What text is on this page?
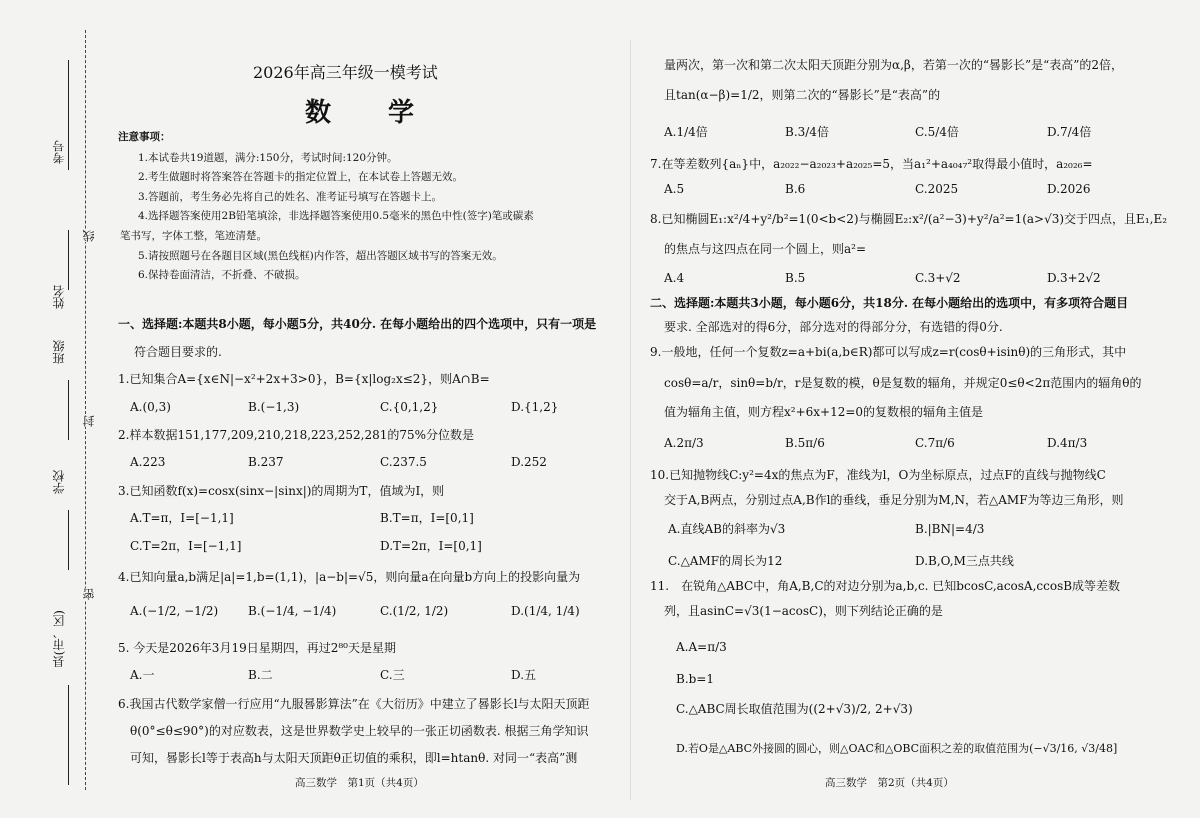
考号
姓名
班级
学校
县(市、区)
线
封
密
2026年高三年级一模考试
数 学
注意事项：
1.本试卷共19道题，满分:150分，考试时间:120分钟。
2.考生做题时将答案答在答题卡的指定位置上，在本试卷上答题无效。
3.答题前，考生务必先将自己的姓名、准考证号填写在答题卡上。
4.选择题答案使用2B铅笔填涂，非选择题答案使用0.5毫米的黑色中性(签字)笔或碳素
笔书写，字体工整，笔迹清楚。
5.请按照题号在各题目区域(黑色线框)内作答，超出答题区域书写的答案无效。
6.保持卷面清洁，不折叠、不破损。
一、选择题:本题共8小题，每小题5分，共40分. 在每小题给出的四个选项中，只有一项是
符合题目要求的.
1.已知集合A={x∈N|−x²+2x+3>0}，B={x|log₂x≤2}，则A∩B=
A.(0,3)	B.(−1,3)	C.{0,1,2}	D.{1,2}
2.样本数据151,177,209,210,218,223,252,281的75%分位数是
A.223	B.237	C.237.5	D.252
3.已知函数f(x)=cosx(sinx−|sinx|)的周期为T，值域为I，则
A.T=π，I=[−1,1]	B.T=π，I=[0,1]
C.T=2π，I=[−1,1]	D.T=2π，I=[0,1]
4.已知向量a,b满足|a|=1,b=(1,1)，|a−b|=√5，则向量a在向量b方向上的投影向量为
A.(−1/2, −1/2) B.(−1/4, −1/4)	C.(1/2, 1/2)	D.(1/4, 1/4)
5. 今天是2026年3月19日星期四，再过2⁸⁰天是星期
A.一	B.二	C.三	D.五
6.我国古代数学家僧一行应用“九服晷影算法”在《大衍历》中建立了晷影长l与太阳天顶距
θ(0°≤θ≤90°)的对应数表，这是世界数学史上较早的一张正切函数表. 根据三角学知识
可知，晷影长l等于表高h与太阳天顶距θ正切值的乘积，即l=htanθ. 对同一“表高”测
高三数学　第1页（共4页）
量两次，第一次和第二次太阳天顶距分别为α,β，若第一次的“晷影长”是“表高”的2倍，
且tan(α−β)=1/2，则第二次的“晷影长”是“表高”的
A.1/4倍	B.3/4倍	C.5/4倍	D.7/4倍
7.在等差数列{aₙ}中，a₂₀₂₂−a₂₀₂₃+a₂₀₂₅=5，当a₁²+a₄₀₄₇²取得最小值时，a₂₀₂₆=
A.5	B.6	C.2025	D.2026
8.已知椭圆E₁:x²/4+y²/b²=1(0<b<2)与椭圆E₂:x²/(a²−3)+y²/a²=1(a>√3)交于四点，且E₁,E₂
的焦点与这四点在同一个圆上，则a²=
A.4	B.5	C.3+√2	D.3+2√2
二、选择题:本题共3小题，每小题6分，共18分. 在每小题给出的选项中，有多项符合题目
要求. 全部选对的得6分，部分选对的得部分分，有选错的得0分.
9.一般地，任何一个复数z=a+bi(a,b∈R)都可以写成z=r(cosθ+isinθ)的三角形式，其中
cosθ=a/r，sinθ=b/r，r是复数的模，θ是复数的辐角，并规定0≤θ<2π范围内的辐角θ的
值为辐角主值，则方程x²+6x+12=0的复数根的辐角主值是
A.2π/3	B.5π/6	C.7π/6	D.4π/3
10.已知抛物线C:y²=4x的焦点为F，准线为l，O为坐标原点，过点F的直线与抛物线C
交于A,B两点，分别过点A,B作l的垂线，垂足分别为M,N，若△AMF为等边三角形，则
A.直线AB的斜率为√3	B.|BN|=4/3
C.△AMF的周长为12	D.B,O,M三点共线
11.　在锐角△ABC中，角A,B,C的对边分别为a,b,c. 已知bcosC,acosA,ccosB成等差数
列，且asinC=√3(1−acosC)，则下列结论正确的是
A.A=π/3
B.b=1
C.△ABC周长取值范围为((2+√3)/2, 2+√3)
D.若O是△ABC外接圆的圆心，则△OAC和△OBC面积之差的取值范围为(−√3/16, √3/48]
高三数学　第2页（共4页）
